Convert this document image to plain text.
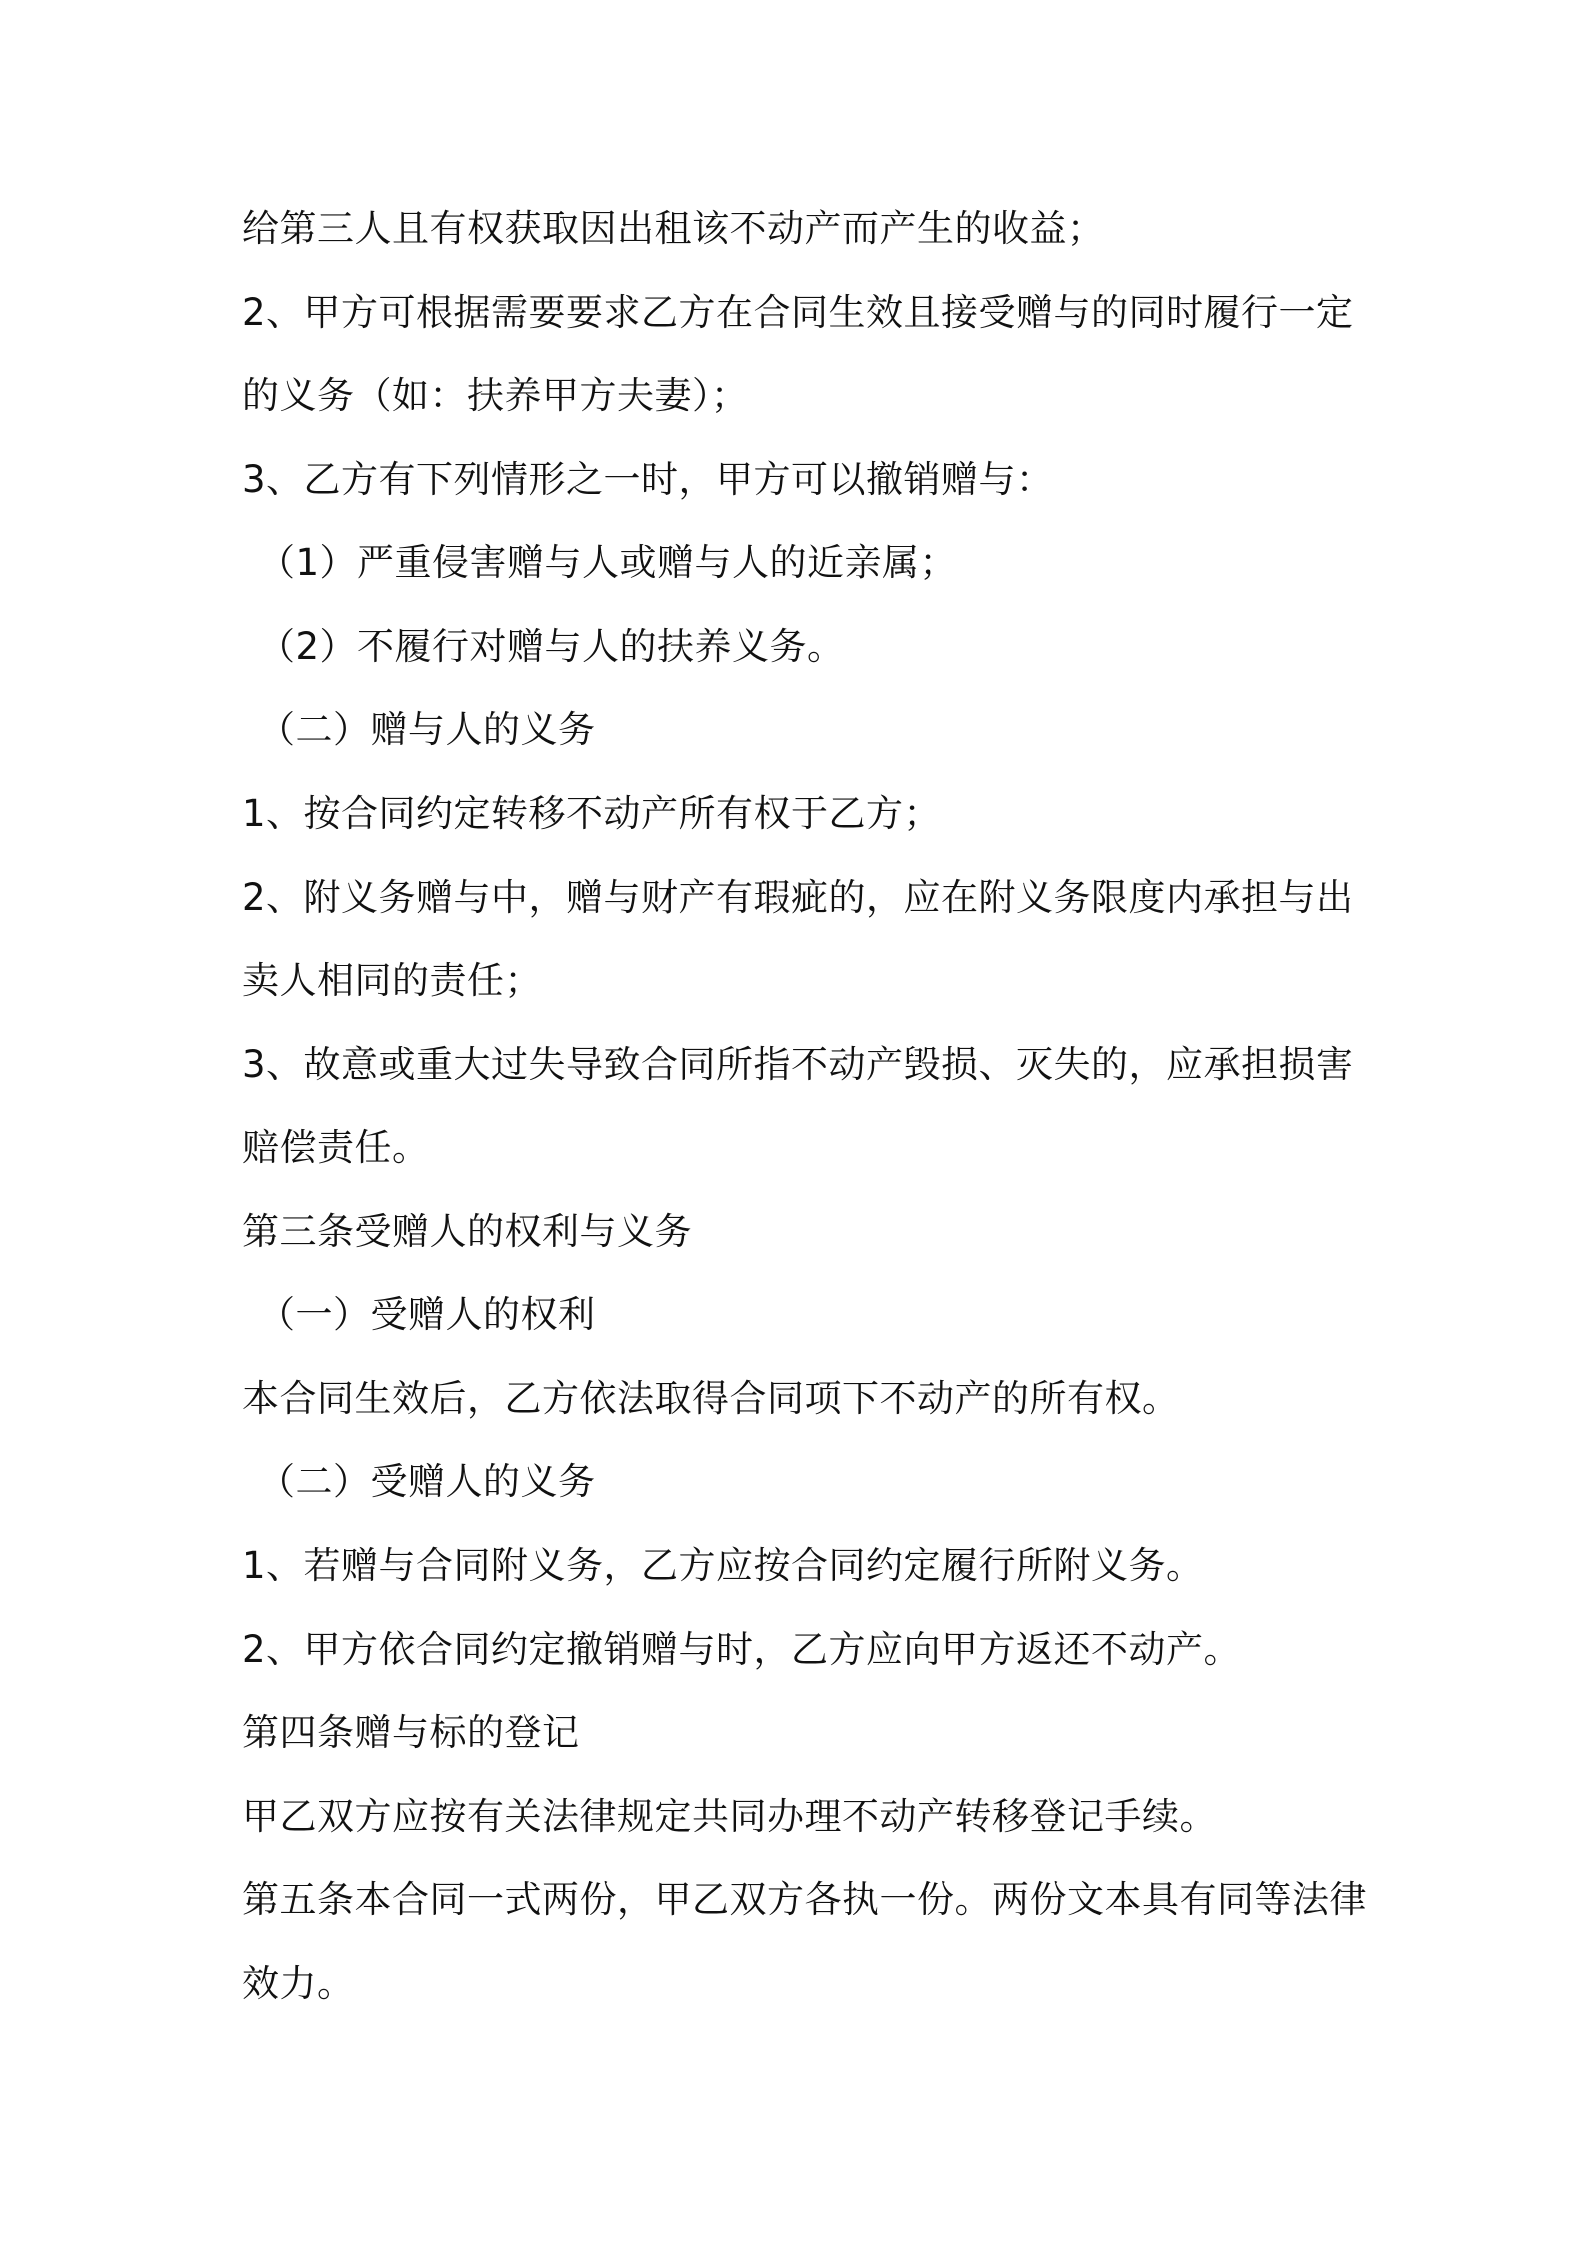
给第三人且有权获取因出租该不动产而产生的收益；
2、甲方可根据需要要求乙方在合同生效且接受赠与的同时履行一定
的义务（如：扶养甲方夫妻）；
3、乙方有下列情形之一时，甲方可以撤销赠与：
（1）严重侵害赠与人或赠与人的近亲属；
（2）不履行对赠与人的扶养义务。
（二）赠与人的义务
1、按合同约定转移不动产所有权于乙方；
2、附义务赠与中，赠与财产有瑕疵的，应在附义务限度内承担与出
卖人相同的责任；
3、故意或重大过失导致合同所指不动产毁损、灭失的，应承担损害
赔偿责任。
第三条受赠人的权利与义务
（一）受赠人的权利
本合同生效后，乙方依法取得合同项下不动产的所有权。
（二）受赠人的义务
1、若赠与合同附义务，乙方应按合同约定履行所附义务。
2、甲方依合同约定撤销赠与时，乙方应向甲方返还不动产。
第四条赠与标的登记
甲乙双方应按有关法律规定共同办理不动产转移登记手续。
第五条本合同一式两份，甲乙双方各执一份。两份文本具有同等法律
效力。
